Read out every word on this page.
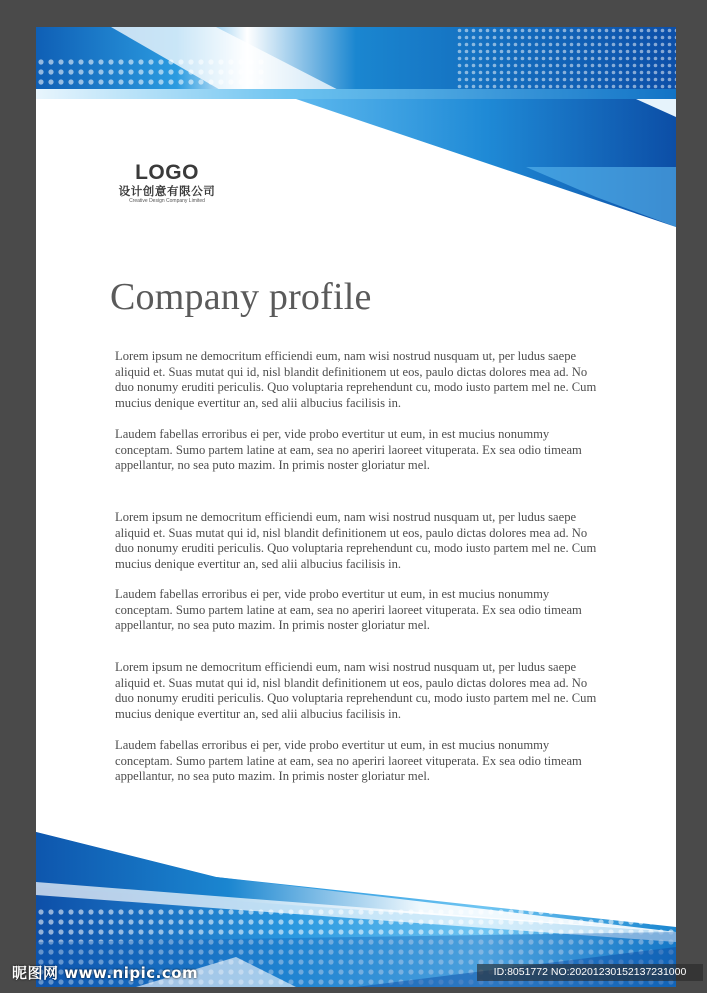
LOGO
设计创意有限公司
Creative Design Company Limited
Company profile

Lorem ipsum ne democritum efficiendi eum, nam wisi nostrud nusquam ut, per ludus saepe aliquid et. Suas mutat qui id, nisl blandit definitionem ut eos, paulo dictas dolores mea ad. No duo nonumy eruditi periculis. Quo voluptaria reprehendunt cu, modo iusto partem mel ne. Cum mucius denique evertitur an, sed alii albucius facilisis in.

Laudem fabellas erroribus ei per, vide probo evertitur ut eum, in est mucius nonummy conceptam. Sumo partem latine at eam, sea no aperiri laoreet vituperata. Ex sea odio timeam appellantur, no sea puto mazim. In primis noster gloriatur mel.

Lorem ipsum ne democritum efficiendi eum, nam wisi nostrud nusquam ut, per ludus saepe aliquid et. Suas mutat qui id, nisl blandit definitionem ut eos, paulo dictas dolores mea ad. No duo nonumy eruditi periculis. Quo voluptaria reprehendunt cu, modo iusto partem mel ne. Cum mucius denique evertitur an, sed alii albucius facilisis in.

Laudem fabellas erroribus ei per, vide probo evertitur ut eum, in est mucius nonummy conceptam. Sumo partem latine at eam, sea no aperiri laoreet vituperata. Ex sea odio timeam appellantur, no sea puto mazim. In primis noster gloriatur mel.

Lorem ipsum ne democritum efficiendi eum, nam wisi nostrud nusquam ut, per ludus saepe aliquid et. Suas mutat qui id, nisl blandit definitionem ut eos, paulo dictas dolores mea ad. No duo nonumy eruditi periculis. Quo voluptaria reprehendunt cu, modo iusto partem mel ne. Cum mucius denique evertitur an, sed alii albucius facilisis in.

Laudem fabellas erroribus ei per, vide probo evertitur ut eum, in est mucius nonummy conceptam. Sumo partem latine at eam, sea no aperiri laoreet vituperata. Ex sea odio timeam appellantur, no sea puto mazim. In primis noster gloriatur mel.

昵图网 www.nipic.com	ID:8051772 NO:20201230152137231000
